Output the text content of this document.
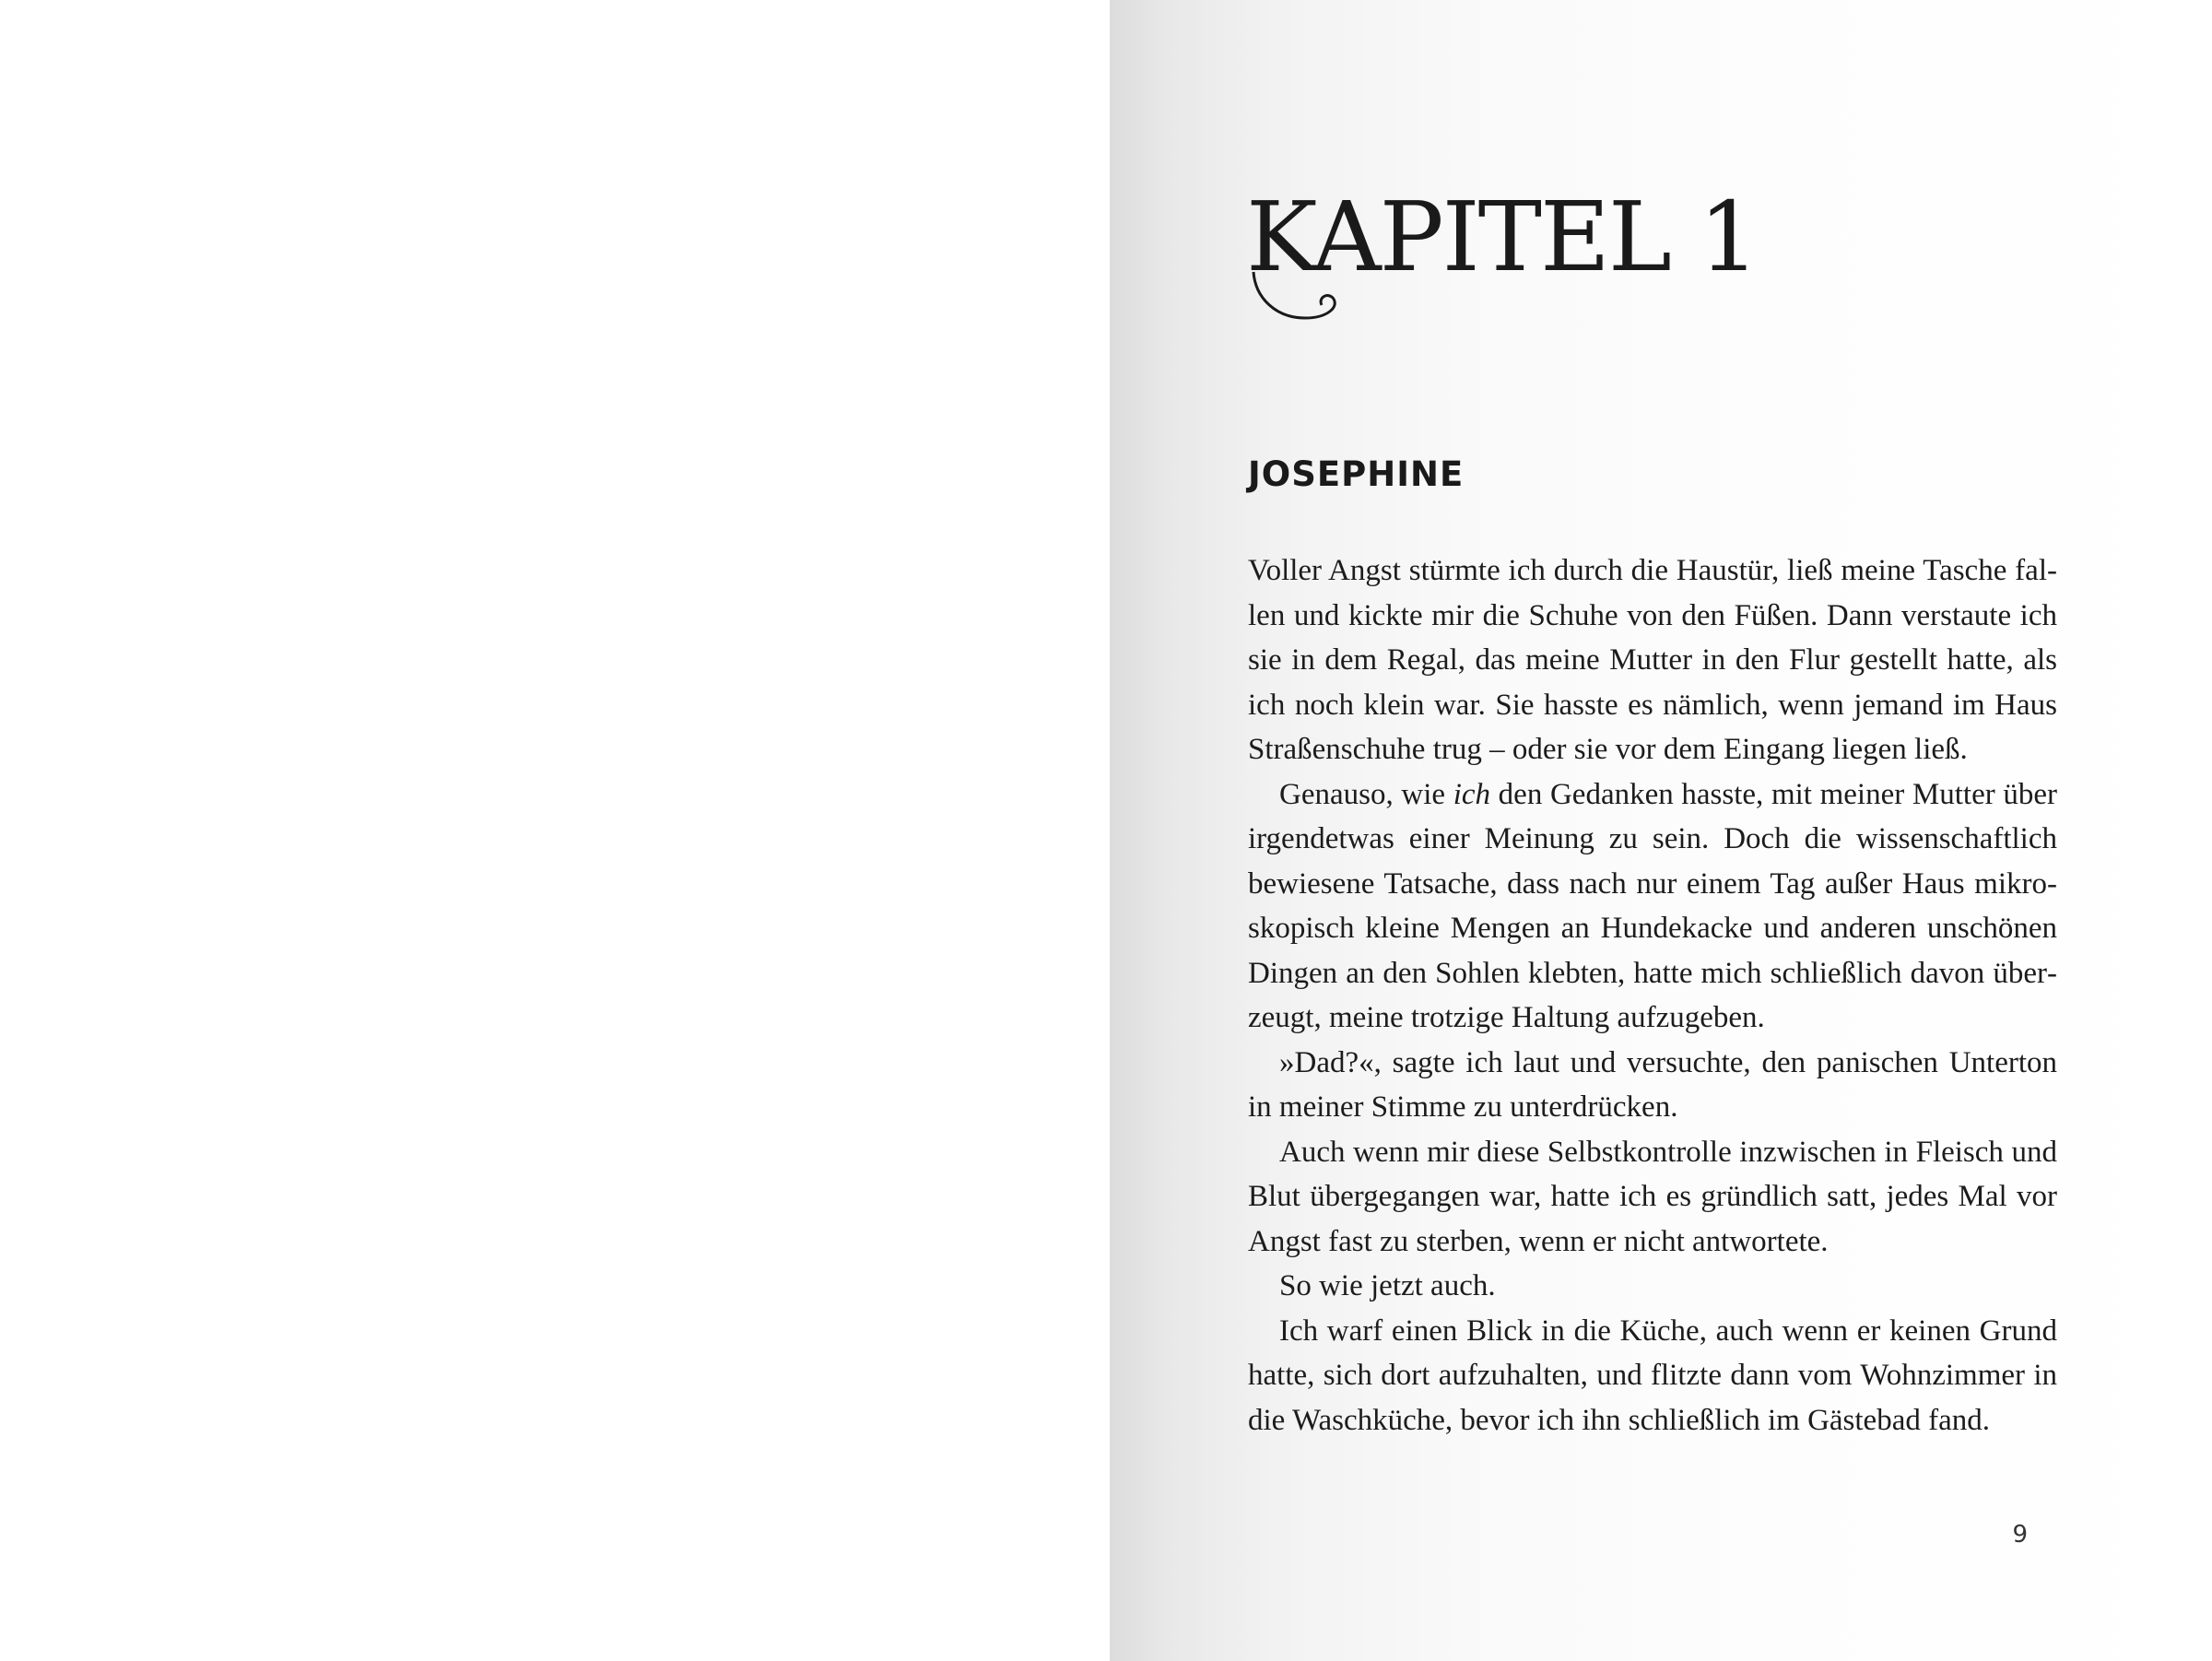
KAPITEL 1
JOSEPHINE

Voller Angst stürmte ich durch die Haustür, ließ meine Tasche fallen und kickte mir die Schuhe von den Füßen. Dann verstaute ich sie in dem Regal, das meine Mutter in den Flur gestellt hatte, als ich noch klein war. Sie hasste es nämlich, wenn jemand im Haus Straßenschuhe trug – oder sie vor dem Eingang liegen ließ.

Genauso, wie ich den Gedanken hasste, mit meiner Mutter über irgendetwas einer Meinung zu sein. Doch die wissenschaftlich bewiesene Tatsache, dass nach nur einem Tag außer Haus mikroskopisch kleine Mengen an Hundekacke und anderen unschönen Dingen an den Sohlen klebten, hatte mich schließlich davon überzeugt, meine trotzige Haltung aufzugeben.

»Dad?«, sagte ich laut und versuchte, den panischen Unterton in meiner Stimme zu unterdrücken.

Auch wenn mir diese Selbstkontrolle inzwischen in Fleisch und Blut übergegangen war, hatte ich es gründlich satt, jedes Mal vor Angst fast zu sterben, wenn er nicht antwortete.

So wie jetzt auch.

Ich warf einen Blick in die Küche, auch wenn er keinen Grund hatte, sich dort aufzuhalten, und flitzte dann vom Wohnzimmer in die Waschküche, bevor ich ihn schließlich im Gästebad fand.

9
